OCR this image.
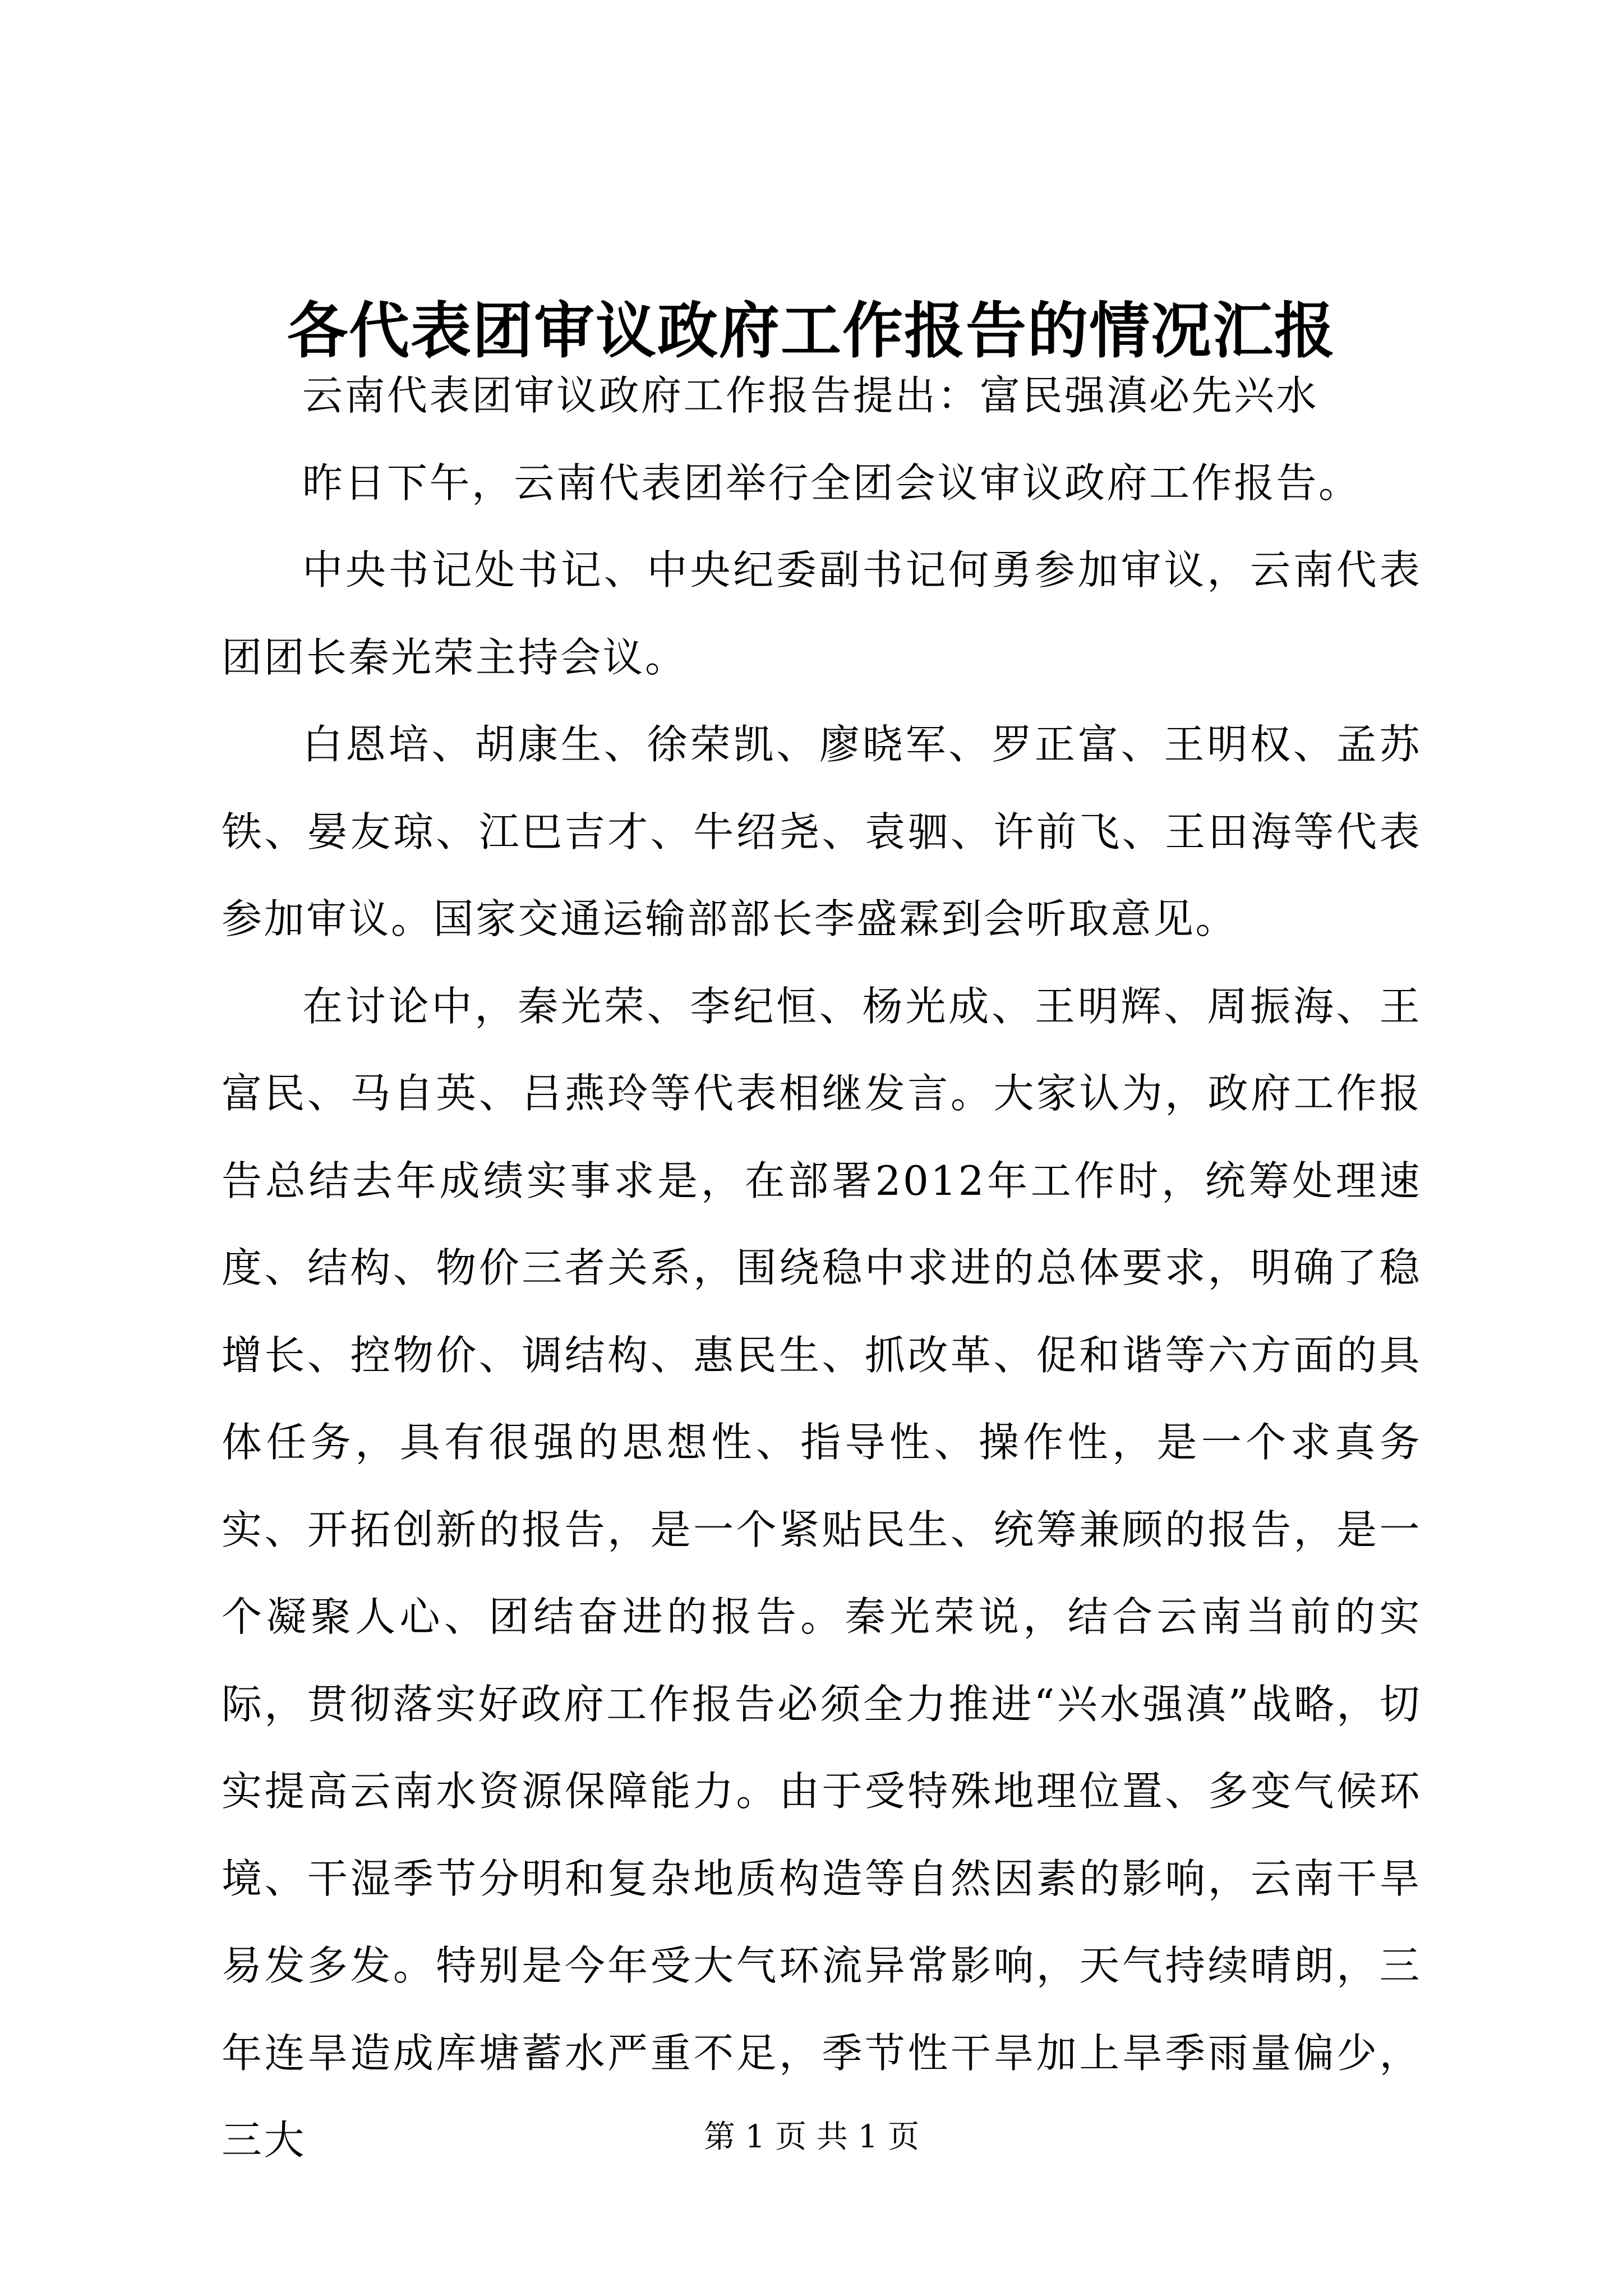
各代表团审议政府工作报告的情况汇报

云南代表团审议政府工作报告提出：富民强滇必先兴水

昨日下午，云南代表团举行全团会议审议政府工作报告。

中央书记处书记、中央纪委副书记何勇参加审议，云南代表团团长秦光荣主持会议。

白恩培、胡康生、徐荣凯、廖晓军、罗正富、王明权、孟苏铁、晏友琼、江巴吉才、牛绍尧、袁驷、许前飞、王田海等代表参加审议。国家交通运输部部长李盛霖到会听取意见。

在讨论中，秦光荣、李纪恒、杨光成、王明辉、周振海、王富民、马自英、吕燕玲等代表相继发言。大家认为，政府工作报告总结去年成绩实事求是，在部署2012年工作时，统筹处理速度、结构、物价三者关系，围绕稳中求进的总体要求，明确了稳增长、控物价、调结构、惠民生、抓改革、促和谐等六方面的具体任务，具有很强的思想性、指导性、操作性，是一个求真务实、开拓创新的报告，是一个紧贴民生、统筹兼顾的报告，是一个凝聚人心、团结奋进的报告。秦光荣说，结合云南当前的实际，贯彻落实好政府工作报告必须全力推进“兴水强滇”战略，切实提高云南水资源保障能力。由于受特殊地理位置、多变气候环境、干湿季节分明和复杂地质构造等自然因素的影响，云南干旱易发多发。特别是今年受大气环流异常影响，天气持续晴朗，三年连旱造成库塘蓄水严重不足，季节性干旱加上旱季雨量偏少，三大	第 1 页 共 1 页
